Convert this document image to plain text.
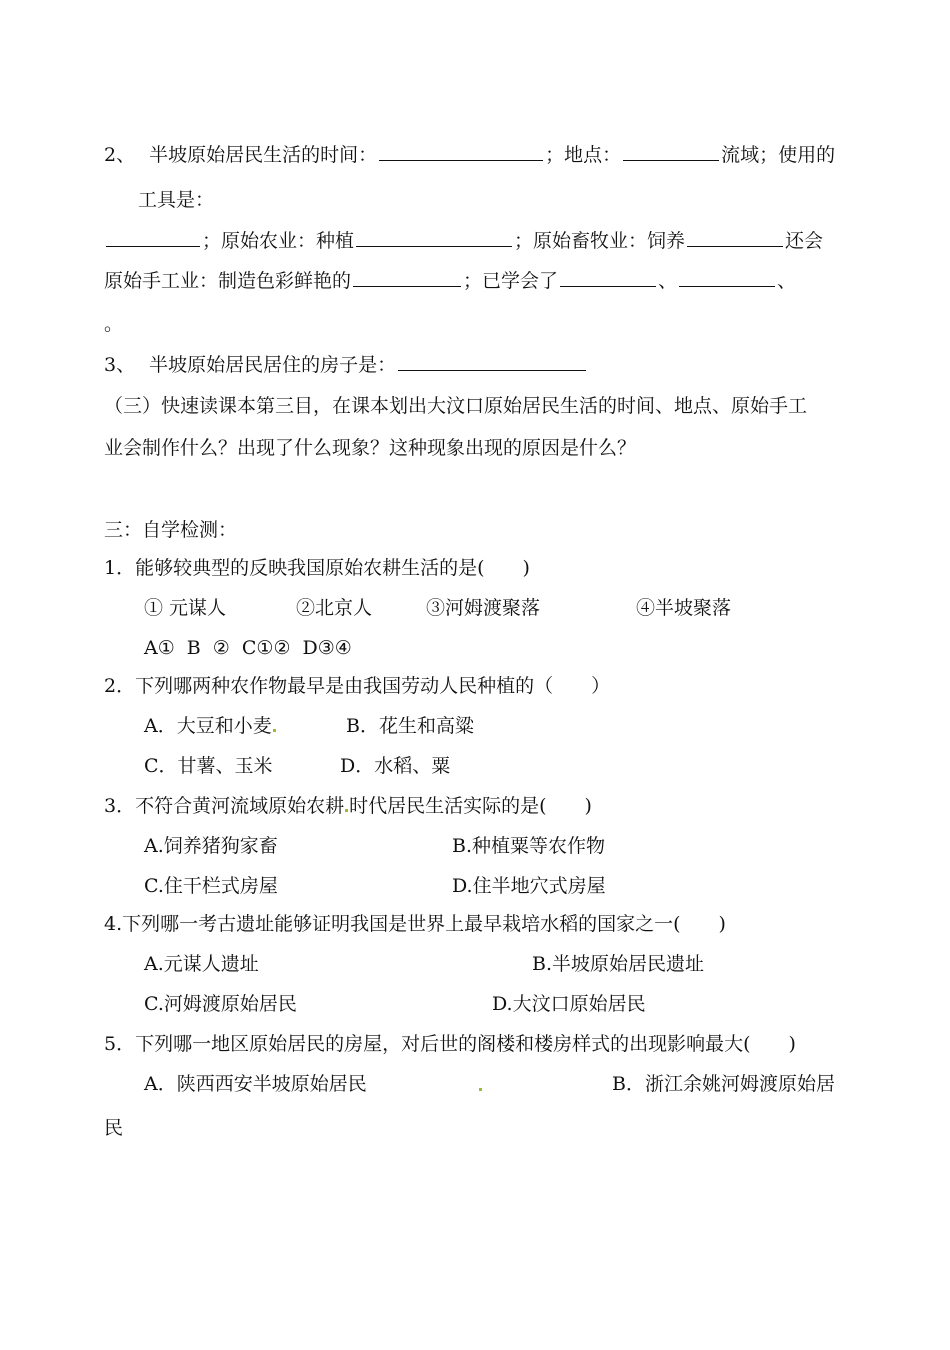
2、 半坡原始居民生活的时间：	；地点：	流域；使用的
工具是：
；原始农业：种植	；原始畜牧业：饲养	还会
原始手工业：制造色彩鲜艳的	；已学会了	、	、
。
3、 半坡原始居民居住的房子是：
（三）快速读课本第三目，在课本划出大汶口原始居民生活的时间、地点、原始手工
业会制作什么？出现了什么现象？这种现象出现的原因是什么？
三：自学检测：
1．能够较典型的反映我国原始农耕生活的是(　　)
① 元谋人	②北京人	③河姆渡聚落	④半坡聚落
A① B ② C①② D③④
2．下列哪两种农作物最早是由我国劳动人民种植的（　　）
A．大豆和小麦	B．花生和高粱
C．甘薯、玉米	D．水稻、粟
3．不符合黄河流域原始农耕 时代居民生活实际的是(　　)
A.饲养猪狗家畜	B.种植粟等农作物
C.住干栏式房屋	D.住半地穴式房屋
4.下列哪一考古遗址能够证明我国是世界上最早栽培水稻的国家之一(　　)
A.元谋人遗址	B.半坡原始居民遗址
C.河姆渡原始居民	D.大汶口原始居民
5．下列哪一地区原始居民的房屋，对后世的阁楼和楼房样式的出现影响最大(　　)
A．陕西西安半坡原始居民	B．浙江余姚河姆渡原始居
民
